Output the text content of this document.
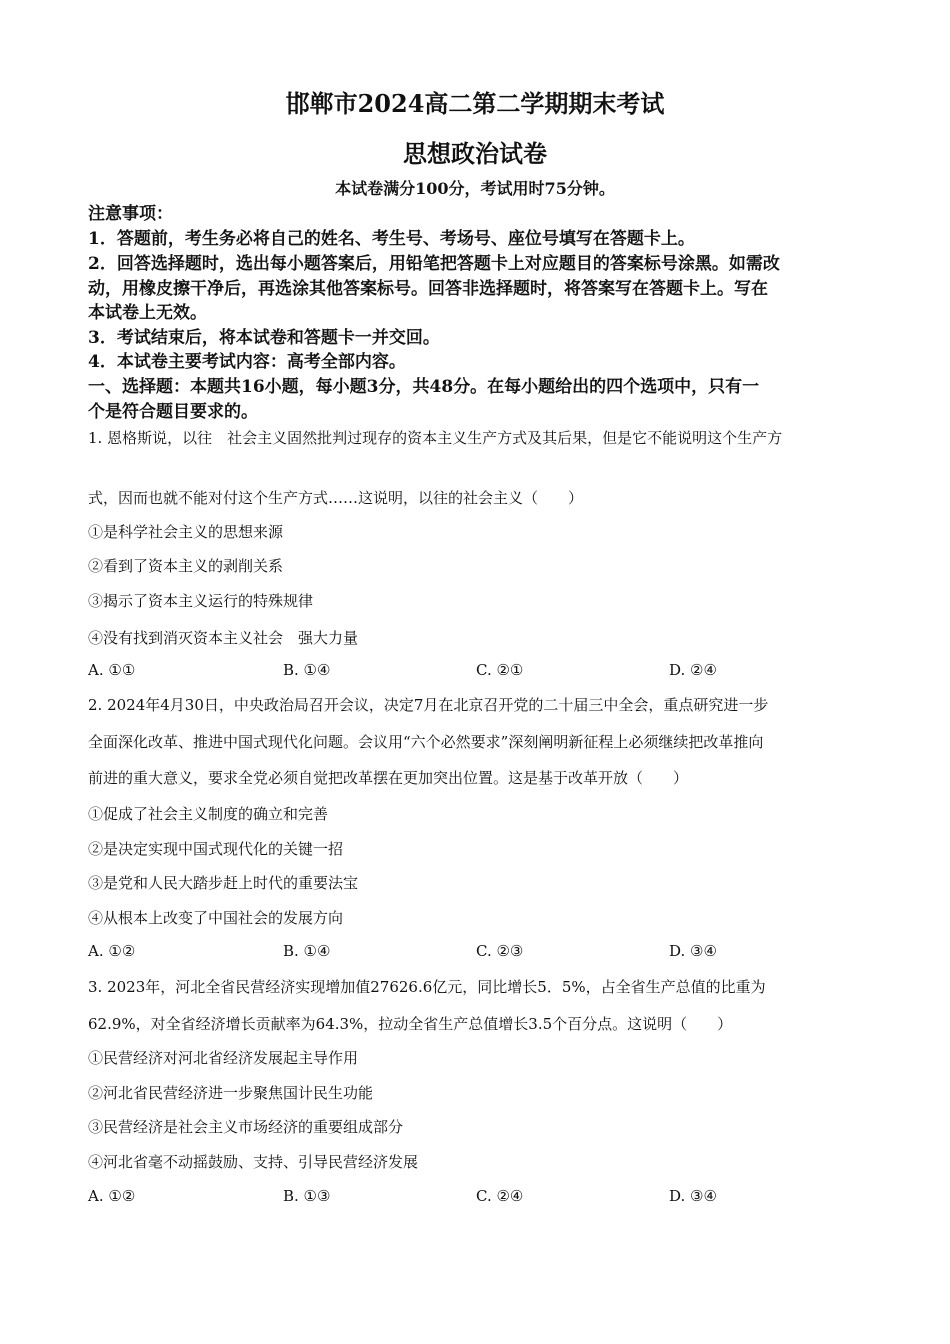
邯郸市2024高二第二学期期末考试
思想政治试卷
本试卷满分100分，考试用时75分钟。
注意事项：
1．答题前，考生务必将自己的姓名、考生号、考场号、座位号填写在答题卡上。
2．回答选择题时，选出每小题答案后，用铅笔把答题卡上对应题目的答案标号涂黑。如需改
动，用橡皮擦干净后，再选涂其他答案标号。回答非选择题时，将答案写在答题卡上。写在
本试卷上无效。
3．考试结束后，将本试卷和答题卡一并交回。
4．本试卷主要考试内容：高考全部内容。
一、选择题：本题共16小题，每小题3分，共48分。在每小题给出的四个选项中，只有一
个是符合题目要求的。
1. 恩格斯说，以往　社会主义固然批判过现存的资本主义生产方式及其后果，但是它不能说明这个生产方
式，因而也就不能对付这个生产方式……这说明，以往的社会主义（　　）
①是科学社会主义的思想来源
②看到了资本主义的剥削关系
③揭示了资本主义运行的特殊规律
④没有找到消灭资本主义社会　强大力量
A. ①①	B. ①④	C. ②①	D. ②④
2. 2024年4月30日，中央政治局召开会议，决定7月在北京召开党的二十届三中全会，重点研究进一步
全面深化改革、推进中国式现代化问题。会议用“六个必然要求”深刻阐明新征程上必须继续把改革推向
前进的重大意义，要求全党必须自觉把改革摆在更加突出位置。这是基于改革开放（　　）
①促成了社会主义制度的确立和完善
②是决定实现中国式现代化的关键一招
③是党和人民大踏步赶上时代的重要法宝
④从根本上改变了中国社会的发展方向
A. ①②	B. ①④	C. ②③	D. ③④
3. 2023年，河北全省民营经济实现增加值27626.6亿元，同比增长5．5%，占全省生产总值的比重为
62.9%，对全省经济增长贡献率为64.3%，拉动全省生产总值增长3.5个百分点。这说明（　　）
①民营经济对河北省经济发展起主导作用
②河北省民营经济进一步聚焦国计民生功能
③民营经济是社会主义市场经济的重要组成部分
④河北省毫不动摇鼓励、支持、引导民营经济发展
A. ①②	B. ①③	C. ②④	D. ③④
